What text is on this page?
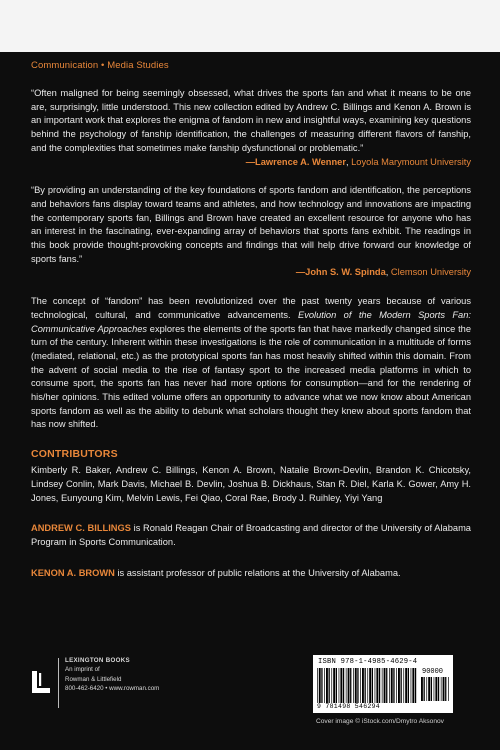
Communication • Media Studies

“Often maligned for being seemingly obsessed, what drives the sports fan and what it means to be one are, surprisingly, little understood. This new collection edited by Andrew C. Billings and Kenon A. Brown is an important work that explores the enigma of fandom in new and insightful ways, examining key questions behind the psychology of fanship identification, the challenges of measuring different flavors of fanship, and the complexities that sometimes make fanship dysfunctional or problematic.”

—Lawrence A. Wenner, Loyola Marymount University

“By providing an understanding of the key foundations of sports fandom and identification, the perceptions and behaviors fans display toward teams and athletes, and how technology and innovations are impacting the contemporary sports fan, Billings and Brown have created an excellent resource for anyone who has an interest in the fascinating, ever-expanding array of behaviors that sports fans exhibit. The readings in this book provide thought-provoking concepts and findings that will help drive forward our knowledge of sports fans.”

—John S. W. Spinda, Clemson University

The concept of “fandom” has been revolutionized over the past twenty years because of various technological, cultural, and communicative advancements. Evolution of the Modern Sports Fan: Communicative Approaches explores the elements of the sports fan that have markedly changed since the turn of the century. Inherent within these investigations is the role of communication in a multitude of forms (mediated, relational, etc.) as the prototypical sports fan has most heavily shifted within this domain. From the advent of social media to the rise of fantasy sport to the increased media platforms in which to consume sport, the sports fan has never had more options for consumption—and for the rendering of his/her opinions. This edited volume offers an opportunity to advance what we now know about American sports fandom as well as the ability to debunk what scholars thought they knew about sports fandom that has now shifted.

CONTRIBUTORS

Kimberly R. Baker, Andrew C. Billings, Kenon A. Brown, Natalie Brown-Devlin, Brandon K. Chicotsky, Lindsey Conlin, Mark Davis, Michael B. Devlin, Joshua B. Dickhaus, Stan R. Diel, Karla K. Gower, Amy H. Jones, Eunyoung Kim, Melvin Lewis, Fei Qiao, Coral Rae, Brody J. Ruihley, Yiyi Yang

ANDREW C. BILLINGS is Ronald Reagan Chair of Broadcasting and director of the University of Alabama Program in Sports Communication.

KENON A. BROWN is assistant professor of public relations at the University of Alabama.

LEXINGTON BOOKS
An imprint of
Rowman & Littlefield
800-462-6420 • www.rowman.com
ISBN 978-1-4985-4629-4
90000
9 781498 546294
Cover image © iStock.com/Dmytro Aksonov
